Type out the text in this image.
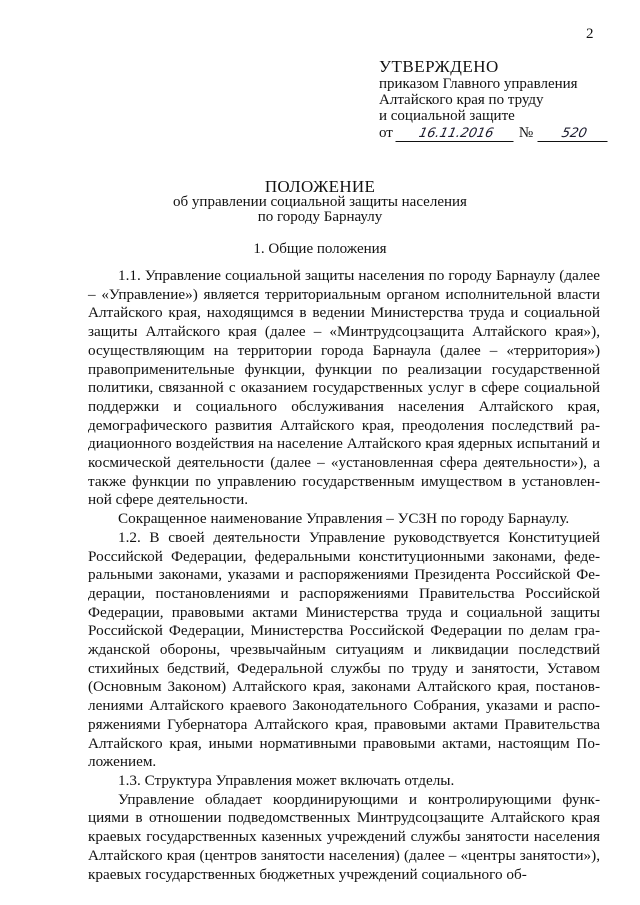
2
УТВЕРЖДЕНО
приказом Главного управления
Алтайского края по труду
и социальной защите
от	16.11.2016	№	520
ПОЛОЖЕНИЕ
об управлении социальной защиты населения
по городу Барнаулу
1. Общие положения

1.1. Управление социальной защиты населения по городу Барнаулу (далее – «Управление») является территориальным органом исполнительной власти Алтайского края, находящимся в ведении Министерства труда и социальной защиты Алтайского края (далее – «Минтрудсоцзащита Алтайского края»), осуществляющим на территории города Барнаула (далее – «территория») правоприменительные функции, функции по реализации государственной политики, связанной с оказанием государственных услуг в сфере социальной поддержки и социального обслуживания населения Алтайского края, демографического развития Алтайского края, преодоления последствий радиационного воздействия на население Алтайского края ядерных испытаний и космической деятельности (далее – «установленная сфера деятельности»), а также функции по управлению государственным имуществом в установленной сфере деятельности.

Сокращенное наименование Управления – УСЗН по городу Барнаулу.

1.2. В своей деятельности Управление руководствуется Конституцией Российской Федерации, федеральными конституционными законами, федеральными законами, указами и распоряжениями Президента Российской Федерации, постановлениями и распоряжениями Правительства Российской Федерации, правовыми актами Министерства труда и социальной защиты Российской Федерации, Министерства Российской Федерации по делам гражданской обороны, чрезвычайным ситуациям и ликвидации последствий стихийных бедствий, Федеральной службы по труду и занятости, Уставом (Основным Законом) Алтайского края, законами Алтайского края, постановлениями Алтайского краевого Законодательного Собрания, указами и распоряжениями Губернатора Алтайского края, правовыми актами Правительства Алтайского края, иными нормативными правовыми актами, настоящим Положением.

1.3. Структура Управления может включать отделы.

Управление обладает координирующими и контролирующими функциями в отношении подведомственных Минтрудсоцзащите Алтайского края краевых государственных казенных учреждений службы занятости населения Алтайского края (центров занятости населения) (далее – «центры занятости»), краевых государственных бюджетных учреждений социального об-
